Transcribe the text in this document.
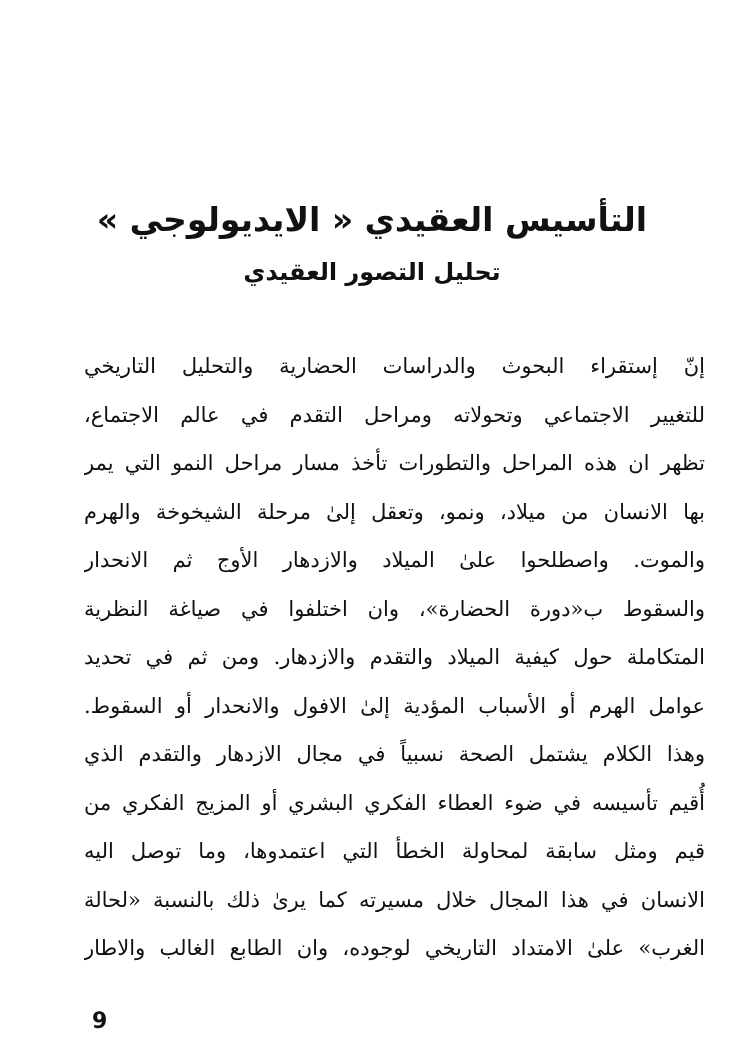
التأسيس العقيدي « الايديولوجي »
تحليل التصور العقيدي
إنّ إستقراء البحوث والدراسات الحضارية والتحليل التاريخي
للتغيير الاجتماعي وتحولاته ومراحل التقدم في عالم الاجتماع،
تظهر ان هذه المراحل والتطورات تأخذ مسار مراحل النمو التي يمر
بها الانسان من ميلاد، ونمو، وتعقل إلىٰ مرحلة الشيخوخة والهرم
والموت. واصطلحوا علىٰ الميلاد والازدهار الأوج ثم الانحدار
والسقوط ب«دورة الحضارة»، وان اختلفوا في صياغة النظرية
المتكاملة حول كيفية الميلاد والتقدم والازدهار. ومن ثم في تحديد
عوامل الهرم أو الأسباب المؤدية إلىٰ الافول والانحدار أو السقوط.
وهذا الكلام يشتمل الصحة نسبياً في مجال الازدهار والتقدم الذي
أُقيم تأسيسه في ضوء العطاء الفكري البشري أو المزيج الفكري من
قيم ومثل سابقة لمحاولة الخطأ التي اعتمدوها، وما توصل اليه
الانسان في هذا المجال خلال مسيرته كما يرىٰ ذلك بالنسبة «لحالة
الغرب» علىٰ الامتداد التاريخي لوجوده، وان الطابع الغالب والاطار
9
